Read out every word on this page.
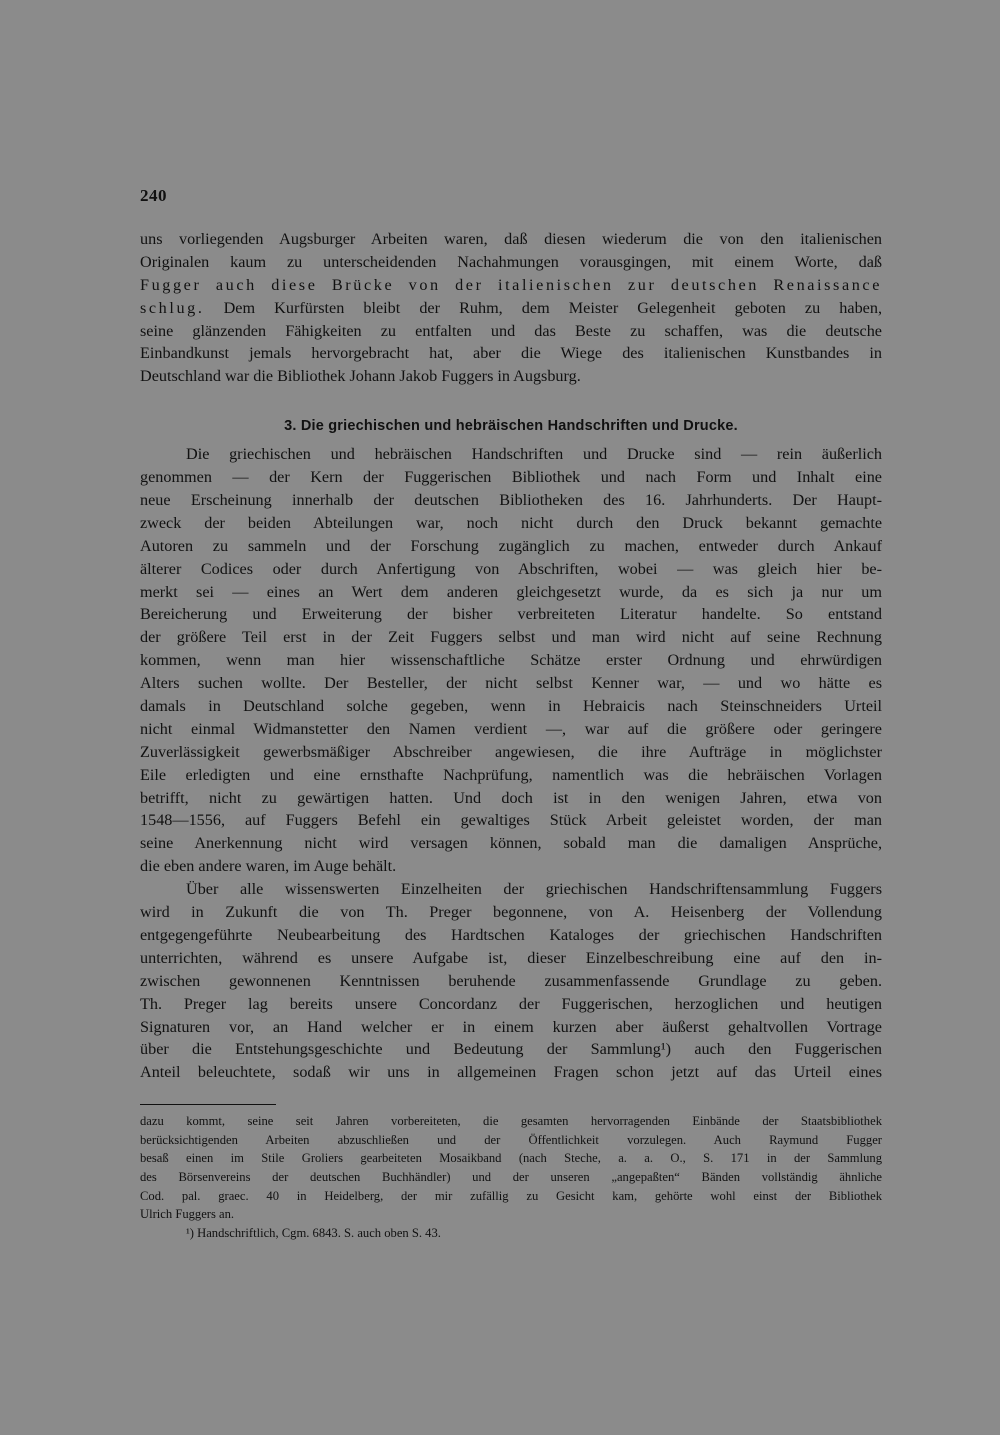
240
uns vorliegenden Augsburger Arbeiten waren, daß diesen wiederum die von den italienischen
Originalen kaum zu unterscheidenden Nachahmungen vorausgingen, mit einem Worte, daß
Fugger auch diese Brücke von der italienischen zur deutschen Renaissance
schlug. Dem Kurfürsten bleibt der Ruhm, dem Meister Gelegenheit geboten zu haben,
seine glänzenden Fähigkeiten zu entfalten und das Beste zu schaffen, was die deutsche
Einbandkunst jemals hervorgebracht hat, aber die Wiege des italienischen Kunstbandes in
Deutschland war die Bibliothek Johann Jakob Fuggers in Augsburg.
3. Die griechischen und hebräischen Handschriften und Drucke.
Die griechischen und hebräischen Handschriften und Drucke sind — rein äußerlich
genommen — der Kern der Fuggerischen Bibliothek und nach Form und Inhalt eine
neue Erscheinung innerhalb der deutschen Bibliotheken des 16. Jahrhunderts. Der Haupt-
zweck der beiden Abteilungen war, noch nicht durch den Druck bekannt gemachte
Autoren zu sammeln und der Forschung zugänglich zu machen, entweder durch Ankauf
älterer Codices oder durch Anfertigung von Abschriften, wobei — was gleich hier be-
merkt sei — eines an Wert dem anderen gleichgesetzt wurde, da es sich ja nur um
Bereicherung und Erweiterung der bisher verbreiteten Literatur handelte. So entstand
der größere Teil erst in der Zeit Fuggers selbst und man wird nicht auf seine Rechnung
kommen, wenn man hier wissenschaftliche Schätze erster Ordnung und ehrwürdigen
Alters suchen wollte. Der Besteller, der nicht selbst Kenner war, — und wo hätte es
damals in Deutschland solche gegeben, wenn in Hebraicis nach Steinschneiders Urteil
nicht einmal Widmanstetter den Namen verdient —, war auf die größere oder geringere
Zuverlässigkeit gewerbsmäßiger Abschreiber angewiesen, die ihre Aufträge in möglichster
Eile erledigten und eine ernsthafte Nachprüfung, namentlich was die hebräischen Vorlagen
betrifft, nicht zu gewärtigen hatten. Und doch ist in den wenigen Jahren, etwa von
1548—1556, auf Fuggers Befehl ein gewaltiges Stück Arbeit geleistet worden, der man
seine Anerkennung nicht wird versagen können, sobald man die damaligen Ansprüche,
die eben andere waren, im Auge behält.
Über alle wissenswerten Einzelheiten der griechischen Handschriftensammlung Fuggers
wird in Zukunft die von Th. Preger begonnene, von A. Heisenberg der Vollendung
entgegengeführte Neubearbeitung des Hardtschen Kataloges der griechischen Handschriften
unterrichten, während es unsere Aufgabe ist, dieser Einzelbeschreibung eine auf den in-
zwischen gewonnenen Kenntnissen beruhende zusammenfassende Grundlage zu geben.
Th. Preger lag bereits unsere Concordanz der Fuggerischen, herzoglichen und heutigen
Signaturen vor, an Hand welcher er in einem kurzen aber äußerst gehaltvollen Vortrage
über die Entstehungsgeschichte und Bedeutung der Sammlung¹) auch den Fuggerischen
Anteil beleuchtete, sodaß wir uns in allgemeinen Fragen schon jetzt auf das Urteil eines
dazu kommt, seine seit Jahren vorbereiteten, die gesamten hervorragenden Einbände der Staatsbibliothek
berücksichtigenden Arbeiten abzuschließen und der Öffentlichkeit vorzulegen. Auch Raymund Fugger
besaß einen im Stile Groliers gearbeiteten Mosaikband (nach Steche, a. a. O., S. 171 in der Sammlung
des Börsenvereins der deutschen Buchhändler) und der unseren „angepaßten“ Bänden vollständig ähnliche
Cod. pal. graec. 40 in Heidelberg, der mir zufällig zu Gesicht kam, gehörte wohl einst der Bibliothek
Ulrich Fuggers an.
¹) Handschriftlich, Cgm. 6843. S. auch oben S. 43.
